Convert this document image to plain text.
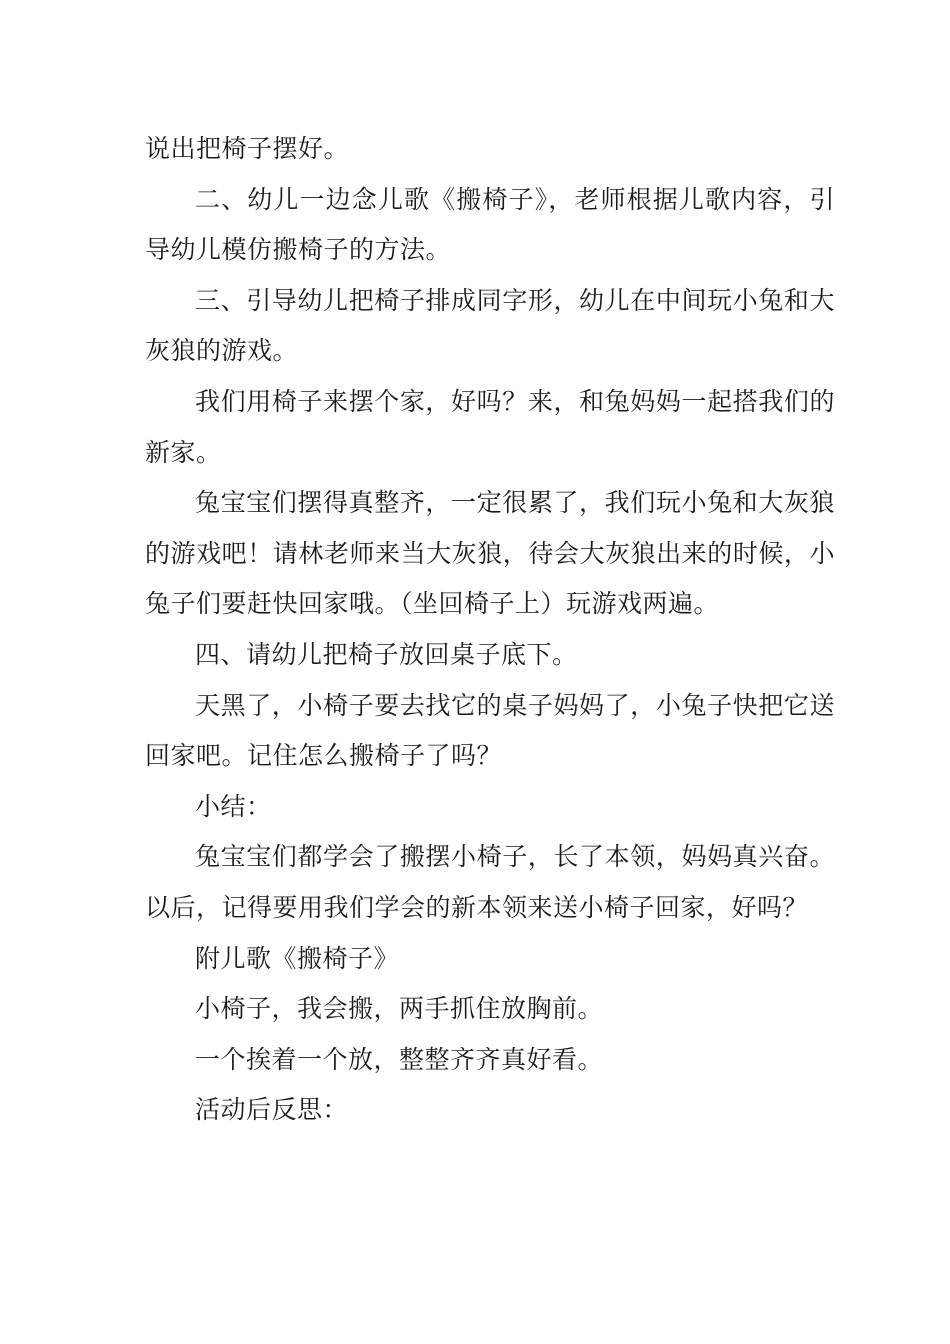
说出把椅子摆好。

二、幼儿一边念儿歌《搬椅子》，老师根据儿歌内容，引导幼儿模仿搬椅子的方法。

三、引导幼儿把椅子排成同字形，幼儿在中间玩小兔和大灰狼的游戏。

我们用椅子来摆个家，好吗？来，和兔妈妈一起搭我们的新家。

兔宝宝们摆得真整齐，一定很累了，我们玩小兔和大灰狼的游戏吧！请林老师来当大灰狼，待会大灰狼出来的时候，小兔子们要赶快回家哦。（坐回椅子上）玩游戏两遍。

四、请幼儿把椅子放回桌子底下。

天黑了，小椅子要去找它的桌子妈妈了，小兔子快把它送回家吧。记住怎么搬椅子了吗？

小结：

兔宝宝们都学会了搬摆小椅子，长了本领，妈妈真兴奋。以后，记得要用我们学会的新本领来送小椅子回家，好吗？

附儿歌《搬椅子》

小椅子，我会搬，两手抓住放胸前。

一个挨着一个放，整整齐齐真好看。

活动后反思：
